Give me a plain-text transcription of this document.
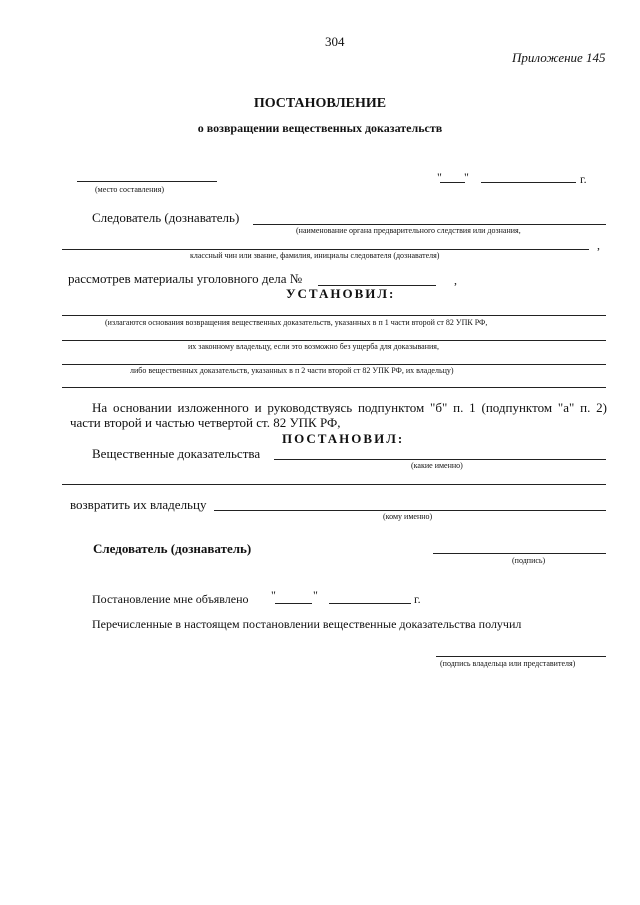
304
Приложение 145
ПОСТАНОВЛЕНИЕ
о возвращении вещественных доказательств
(место составления)
" "	г.
Следователь (дознаватель)
(наименование органа предварительного следствия или дознания,
,
классный чин или звание, фамилия, инициалы следователя (дознавателя)
рассмотрев материалы уголовного дела №	,
УСТАНОВИЛ:
(излагаются основания возвращения вещественных доказательств, указанных в п 1 части второй ст 82 УПК РФ,
их законному владельцу, если это возможно без ущерба для доказывания,
либо вещественных доказательств, указанных в п 2 части второй ст 82 УПК РФ, их владельцу)
На основании изложенного и руководствуясь подпунктом "б" п. 1 (подпунктом "а" п. 2) части второй и частью четвертой ст. 82 УПК РФ,
ПОСТАНОВИЛ:
Вещественные доказательства
(какие именно)
возвратить их владельцу
(кому именно)
Следователь (дознаватель)
(подпись)
Постановление мне объявлено "	"	г.
Перечисленные в настоящем постановлении вещественные доказательства получил
(подпись владельца или представителя)
